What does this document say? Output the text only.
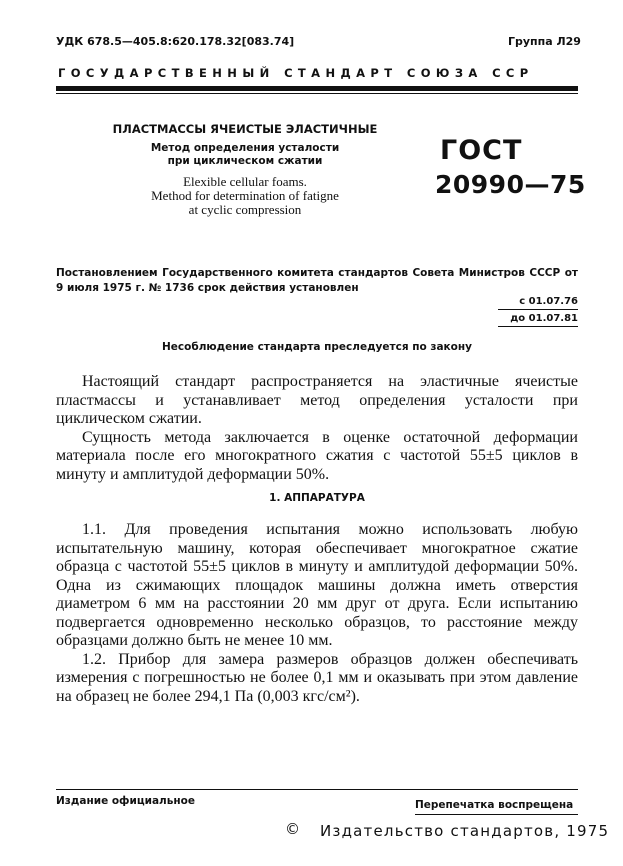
УДК 678.5—405.8:620.178.32[083.74]	Группа Л29
ГОСУДАРСТВЕННЫЙ СТАНДАРТ СОЮЗА ССР
ПЛАСТМАССЫ ЯЧЕИСТЫЕ ЭЛАСТИЧНЫЕ
Метод определения усталости
при циклическом сжатии
Elexible cellular foams.
Method for determination of fatigne
at cyclic compression
ГОСТ
20990—75
Постановлением Государственного комитета стандартов Совета Министров СССР от 9 июля 1975 г. № 1736 срок действия установлен
с 01.07.76
до 01.07.81
Несоблюдение стандарта преследуется по закону

Настоящий стандарт распространяется на эластичные ячеистые пластмассы и устанавливает метод определения усталости при циклическом сжатии.

Сущность метода заключается в оценке остаточной деформации материала после его многократного сжатия с частотой 55±5 циклов в минуту и амплитудой деформации 50%.

1. АППАРАТУРА

1.1. Для проведения испытания можно использовать любую испытательную машину, которая обеспечивает многократное сжатие образца с частотой 55±5 циклов в минуту и амплитудой деформации 50%. Одна из сжимающих площадок машины должна иметь отверстия диаметром 6 мм на расстоянии 20 мм друг от друга. Если испытанию подвергается одновременно несколько образцов, то расстояние между образцами должно быть не менее 10 мм.

1.2. Прибор для замера размеров образцов должен обеспечивать измерения с погрешностью не более 0,1 мм и оказывать при этом давление на образец не более 294,1 Па (0,003 кгс/см²).

Издание официальное	Перепечатка воспрещена
© Издательство стандартов, 1975
